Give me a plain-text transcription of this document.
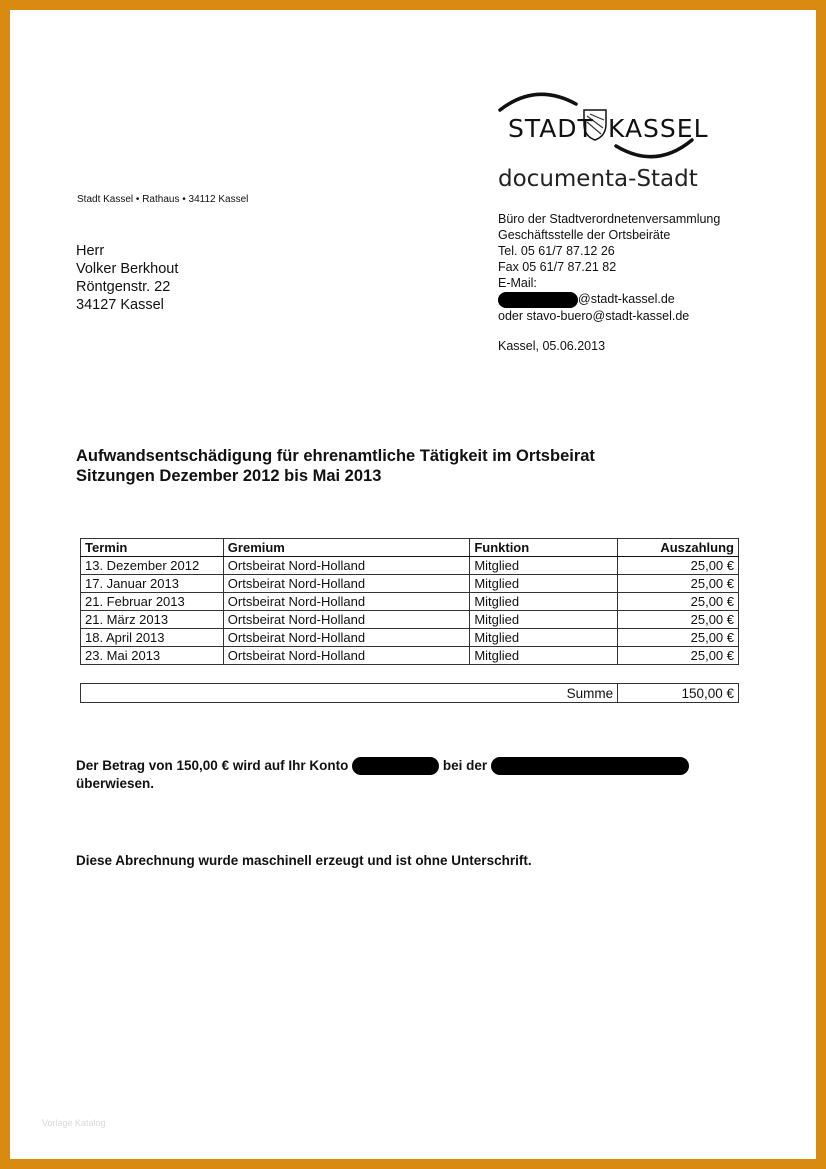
Stadt Kassel • Rathaus • 34112 Kassel
Herr
Volker Berkhout
Röntgenstr. 22
34127 Kassel
STADT KASSEL
documenta-Stadt
Büro der Stadtverordnetenversammlung
Geschäftsstelle der Ortsbeiräte
Tel. 05 61/7 87.12 26
Fax 05 61/7 87.21 82
E-Mail:
@stadt-kassel.de
oder stavo-buero@stadt-kassel.de
Kassel, 05.06.2013
Aufwandsentschädigung für ehrenamtliche Tätigkeit im Ortsbeirat
Sitzungen Dezember 2012 bis Mai 2013
Termin	Gremium	Funktion	Auszahlung
13. Dezember 2012	Ortsbeirat Nord-Holland	Mitglied	25,00 €
17. Januar 2013	Ortsbeirat Nord-Holland	Mitglied	25,00 €
21. Februar 2013	Ortsbeirat Nord-Holland	Mitglied	25,00 €
21. März 2013	Ortsbeirat Nord-Holland	Mitglied	25,00 €
18. April 2013	Ortsbeirat Nord-Holland	Mitglied	25,00 €
23. Mai 2013	Ortsbeirat Nord-Holland	Mitglied	25,00 €
Summe	150,00 €
Der Betrag von 150,00 € wird auf Ihr Konto	bei der
überwiesen.
Diese Abrechnung wurde maschinell erzeugt und ist ohne Unterschrift.
Vorlage Katalog
